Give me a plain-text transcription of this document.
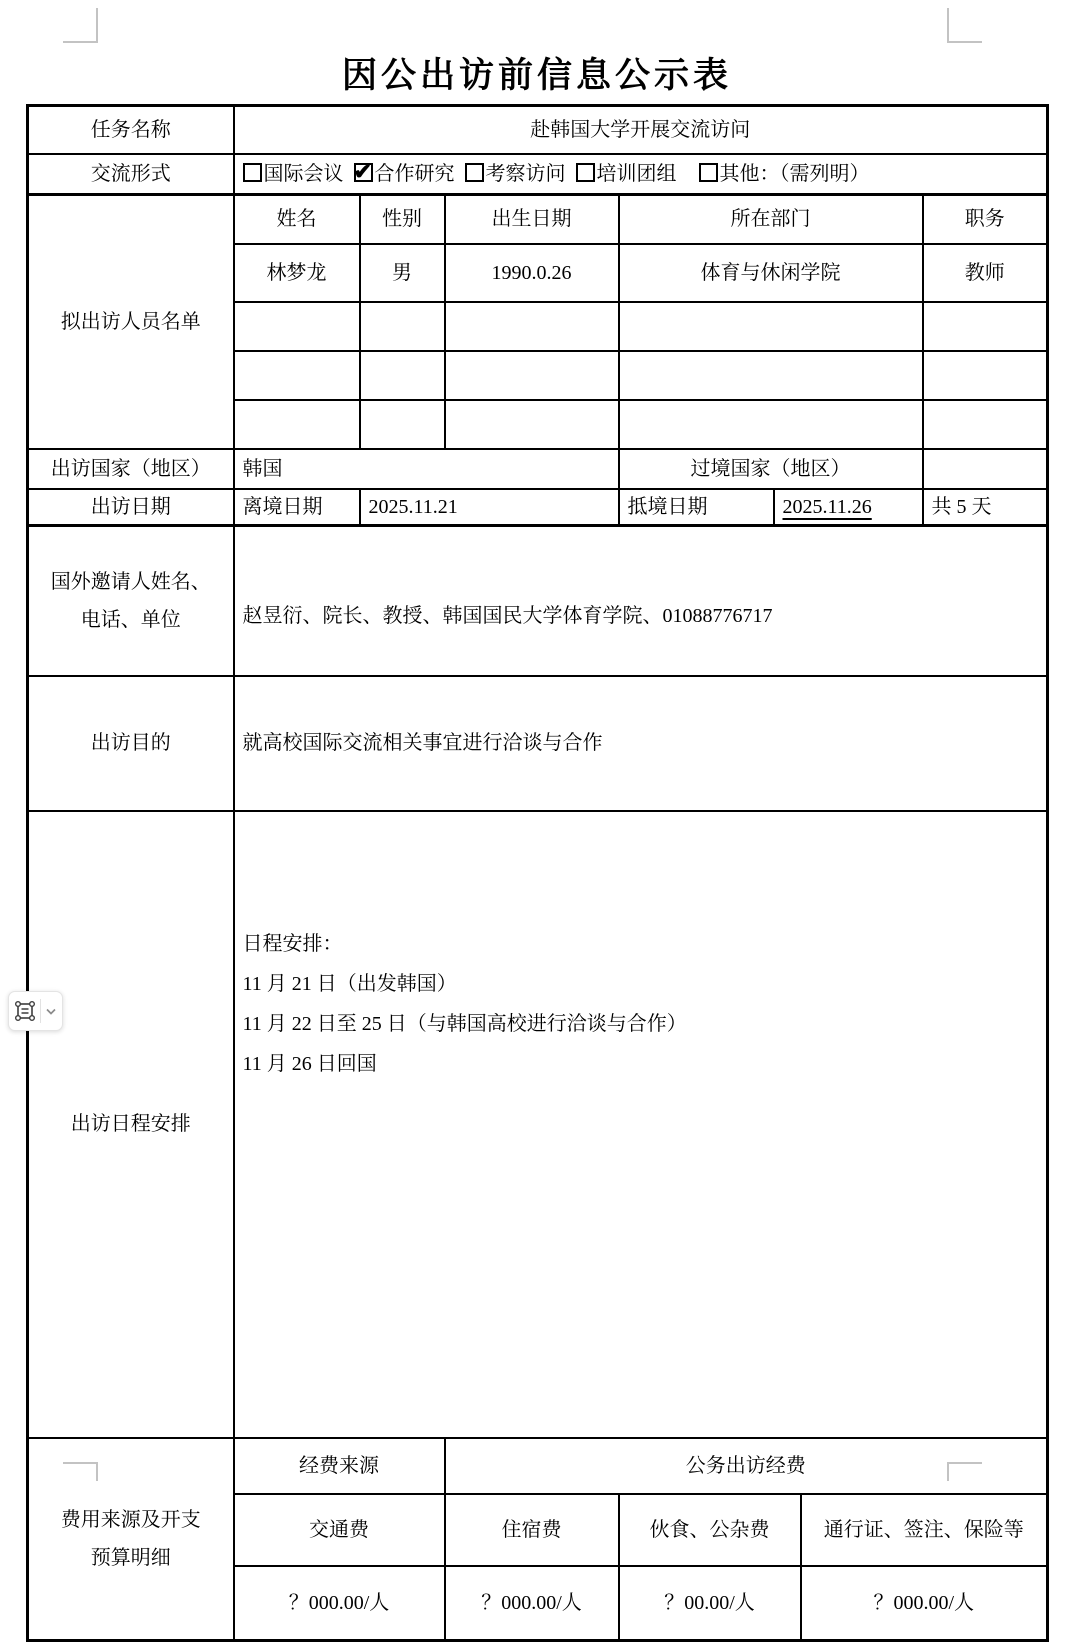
因公出访前信息公示表
任务名称	赴韩国大学开展交流访问						
交流形式	国际会议 ✔ 合作研究 考察访问 培训团组 其他：（需列明）
拟出访人员名单	姓名	性别	出生日期	所在部门			职务
	林梦龙	男	1990.0.26	体育与休闲学院			教师

出访国家（地区）	韩国			过境国家（地区）			
出访日期	离境日期	2025.11.21		抵境日期	2025.11.26		共 5 天

国外邀请人姓名、
电话、单位	赵昱衍、院长、教授、韩国国民大学体育学院、01088776717						
出访目的	就高校国际交流相关事宜进行洽谈与合作						
出访日程安排	日程安排：
11 月 21 日（出发韩国）
11 月 22 日至 25 日（与韩国高校进行洽谈与合作）
11 月 26 日回国						

费用来源及开支
预算明细	经费来源		公务出访经费				
	交通费		住宿费	伙食、公杂费		通行证、签注、保险等	
	？000.00/人		？000.00/人	？00.00/人		？000.00/人	
